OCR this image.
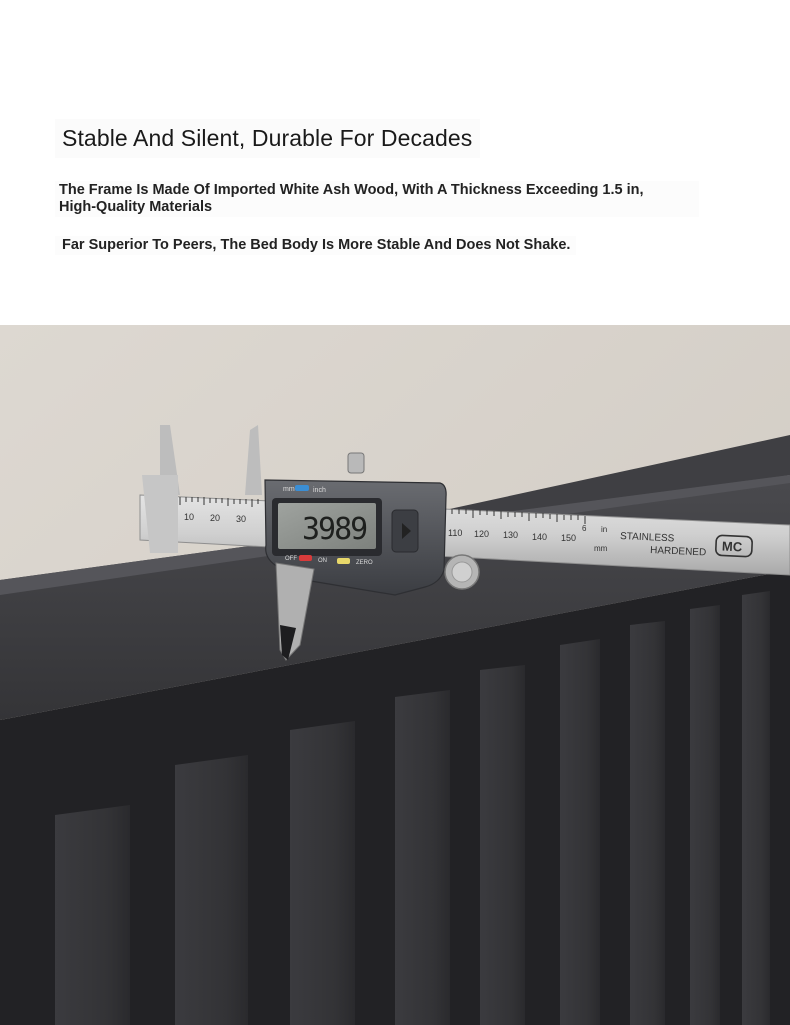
Stable And Silent, Durable For Decades
The Frame Is Made Of Imported White Ash Wood, With A Thickness Exceeding 1.5 in,
High-Quality Materials
Far Superior To Peers, The Bed Body Is More Stable And Does Not Shake.
10 20 30
110 120 130 140 150
6 in
mm
STAINLESS
HARDENED MC
mm	inch
3989
OFF	ON	ZERO
